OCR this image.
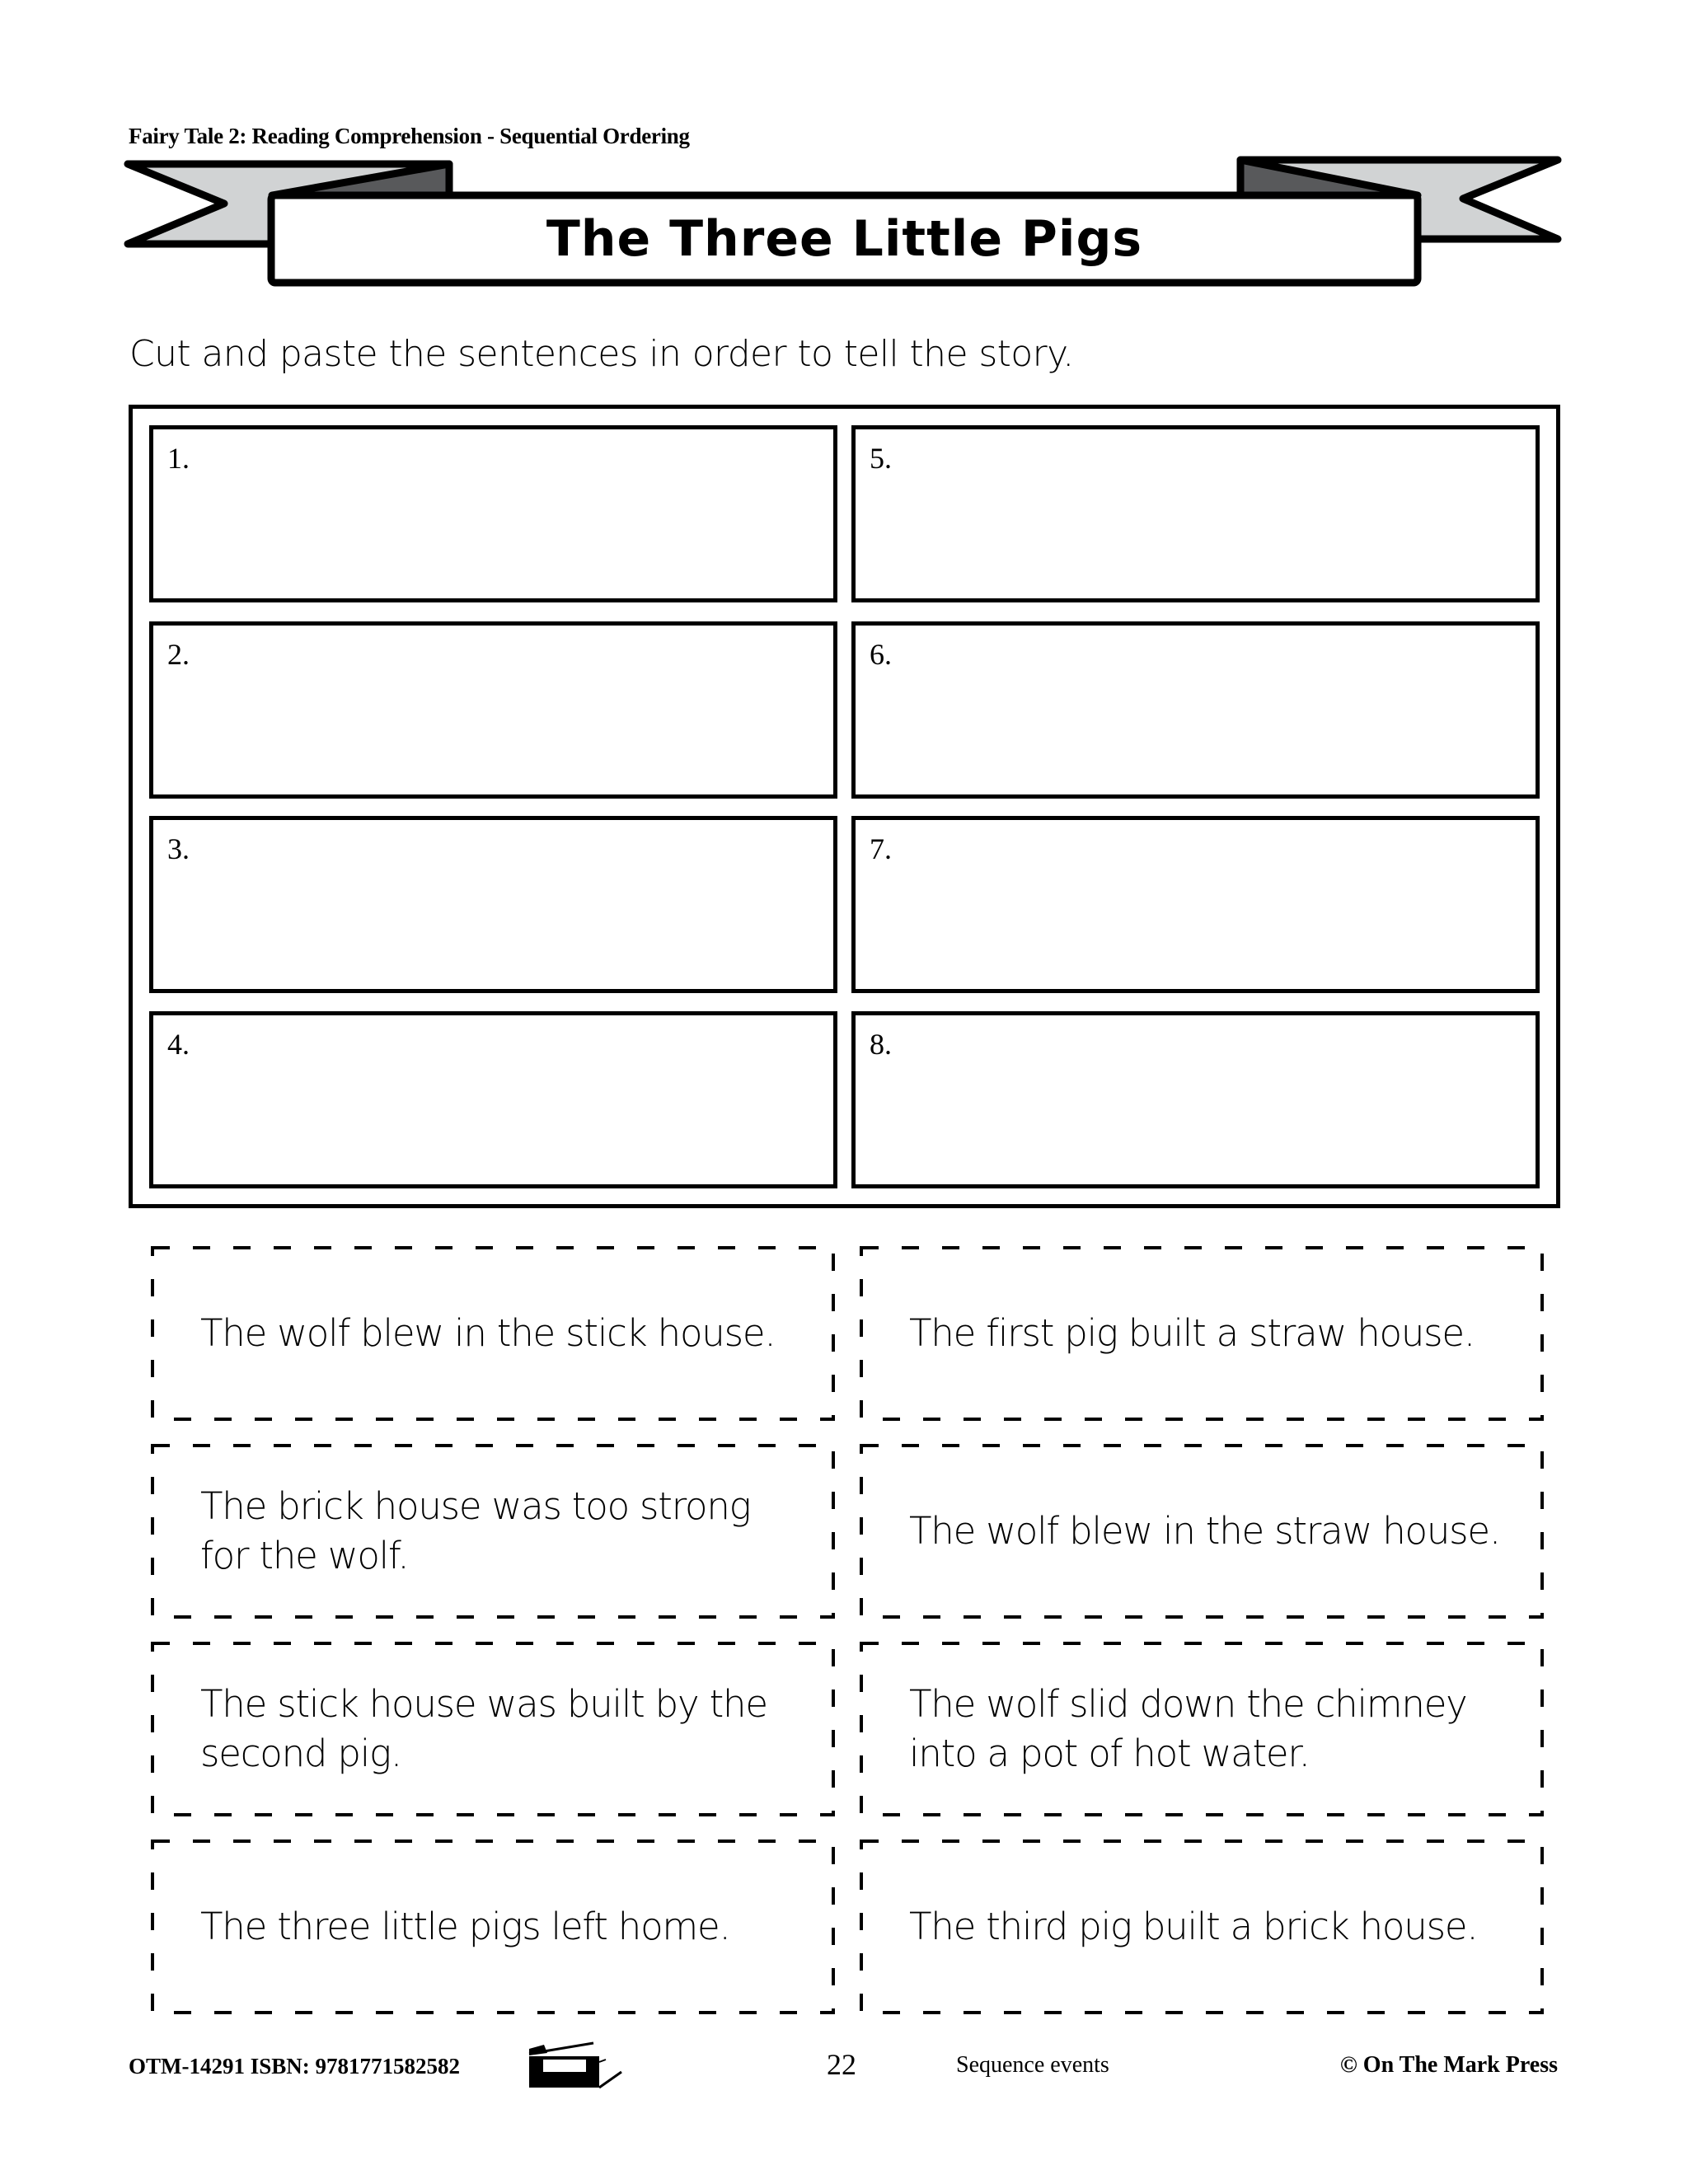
Fairy Tale 2: Reading Comprehension - Sequential Ordering
The Three Little Pigs
Cut and paste the sentences in order to tell the story.
1.
2.
3.
4.
5.
6.
7.
8.
The wolf blew in the stick house.	The first pig built a straw house.
The brick house was too strong for the wolf.
The wolf blew in the straw house.
The stick house was built by the second pig.
The wolf slid down the chimney into a pot of hot water.
The three little pigs left home.	The third pig built a brick house.
OTM-14291 ISBN: 9781771582582	22	Sequence events	© On The Mark Press
